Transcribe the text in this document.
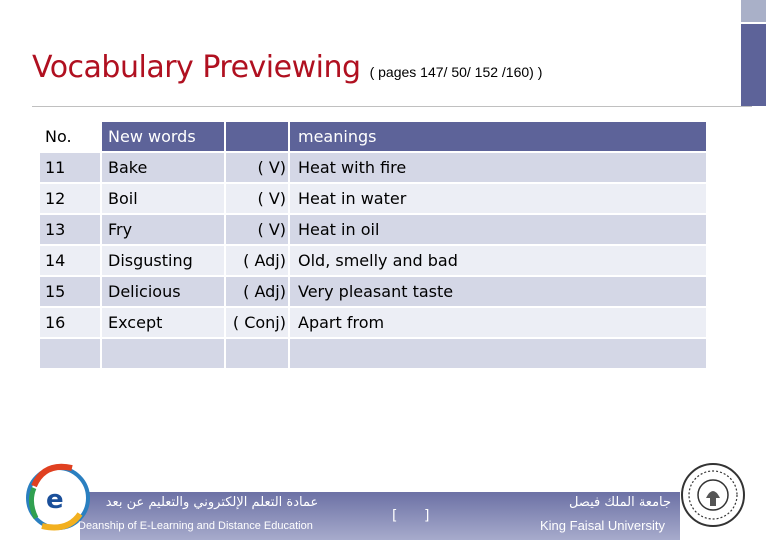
Vocabulary Previewing ( pages 147/ 50/ 152 /160) )
No.	New words		meanings
11	Bake	( V)	Heat with fire
12	Boil	( V)	Heat in water
13	Fry	( V)	Heat in oil
14	Disgusting	( Adj)	Old, smelly and bad
15	Delicious	( Adj)	Very pleasant taste
16	Except	( Conj)	Apart from

e	عمادة التعلم الإلكتروني والتعليم عن بعد
Deanship of E-Learning and Distance Education
[ ]
جامعة الملك فيصل
King Faisal University
